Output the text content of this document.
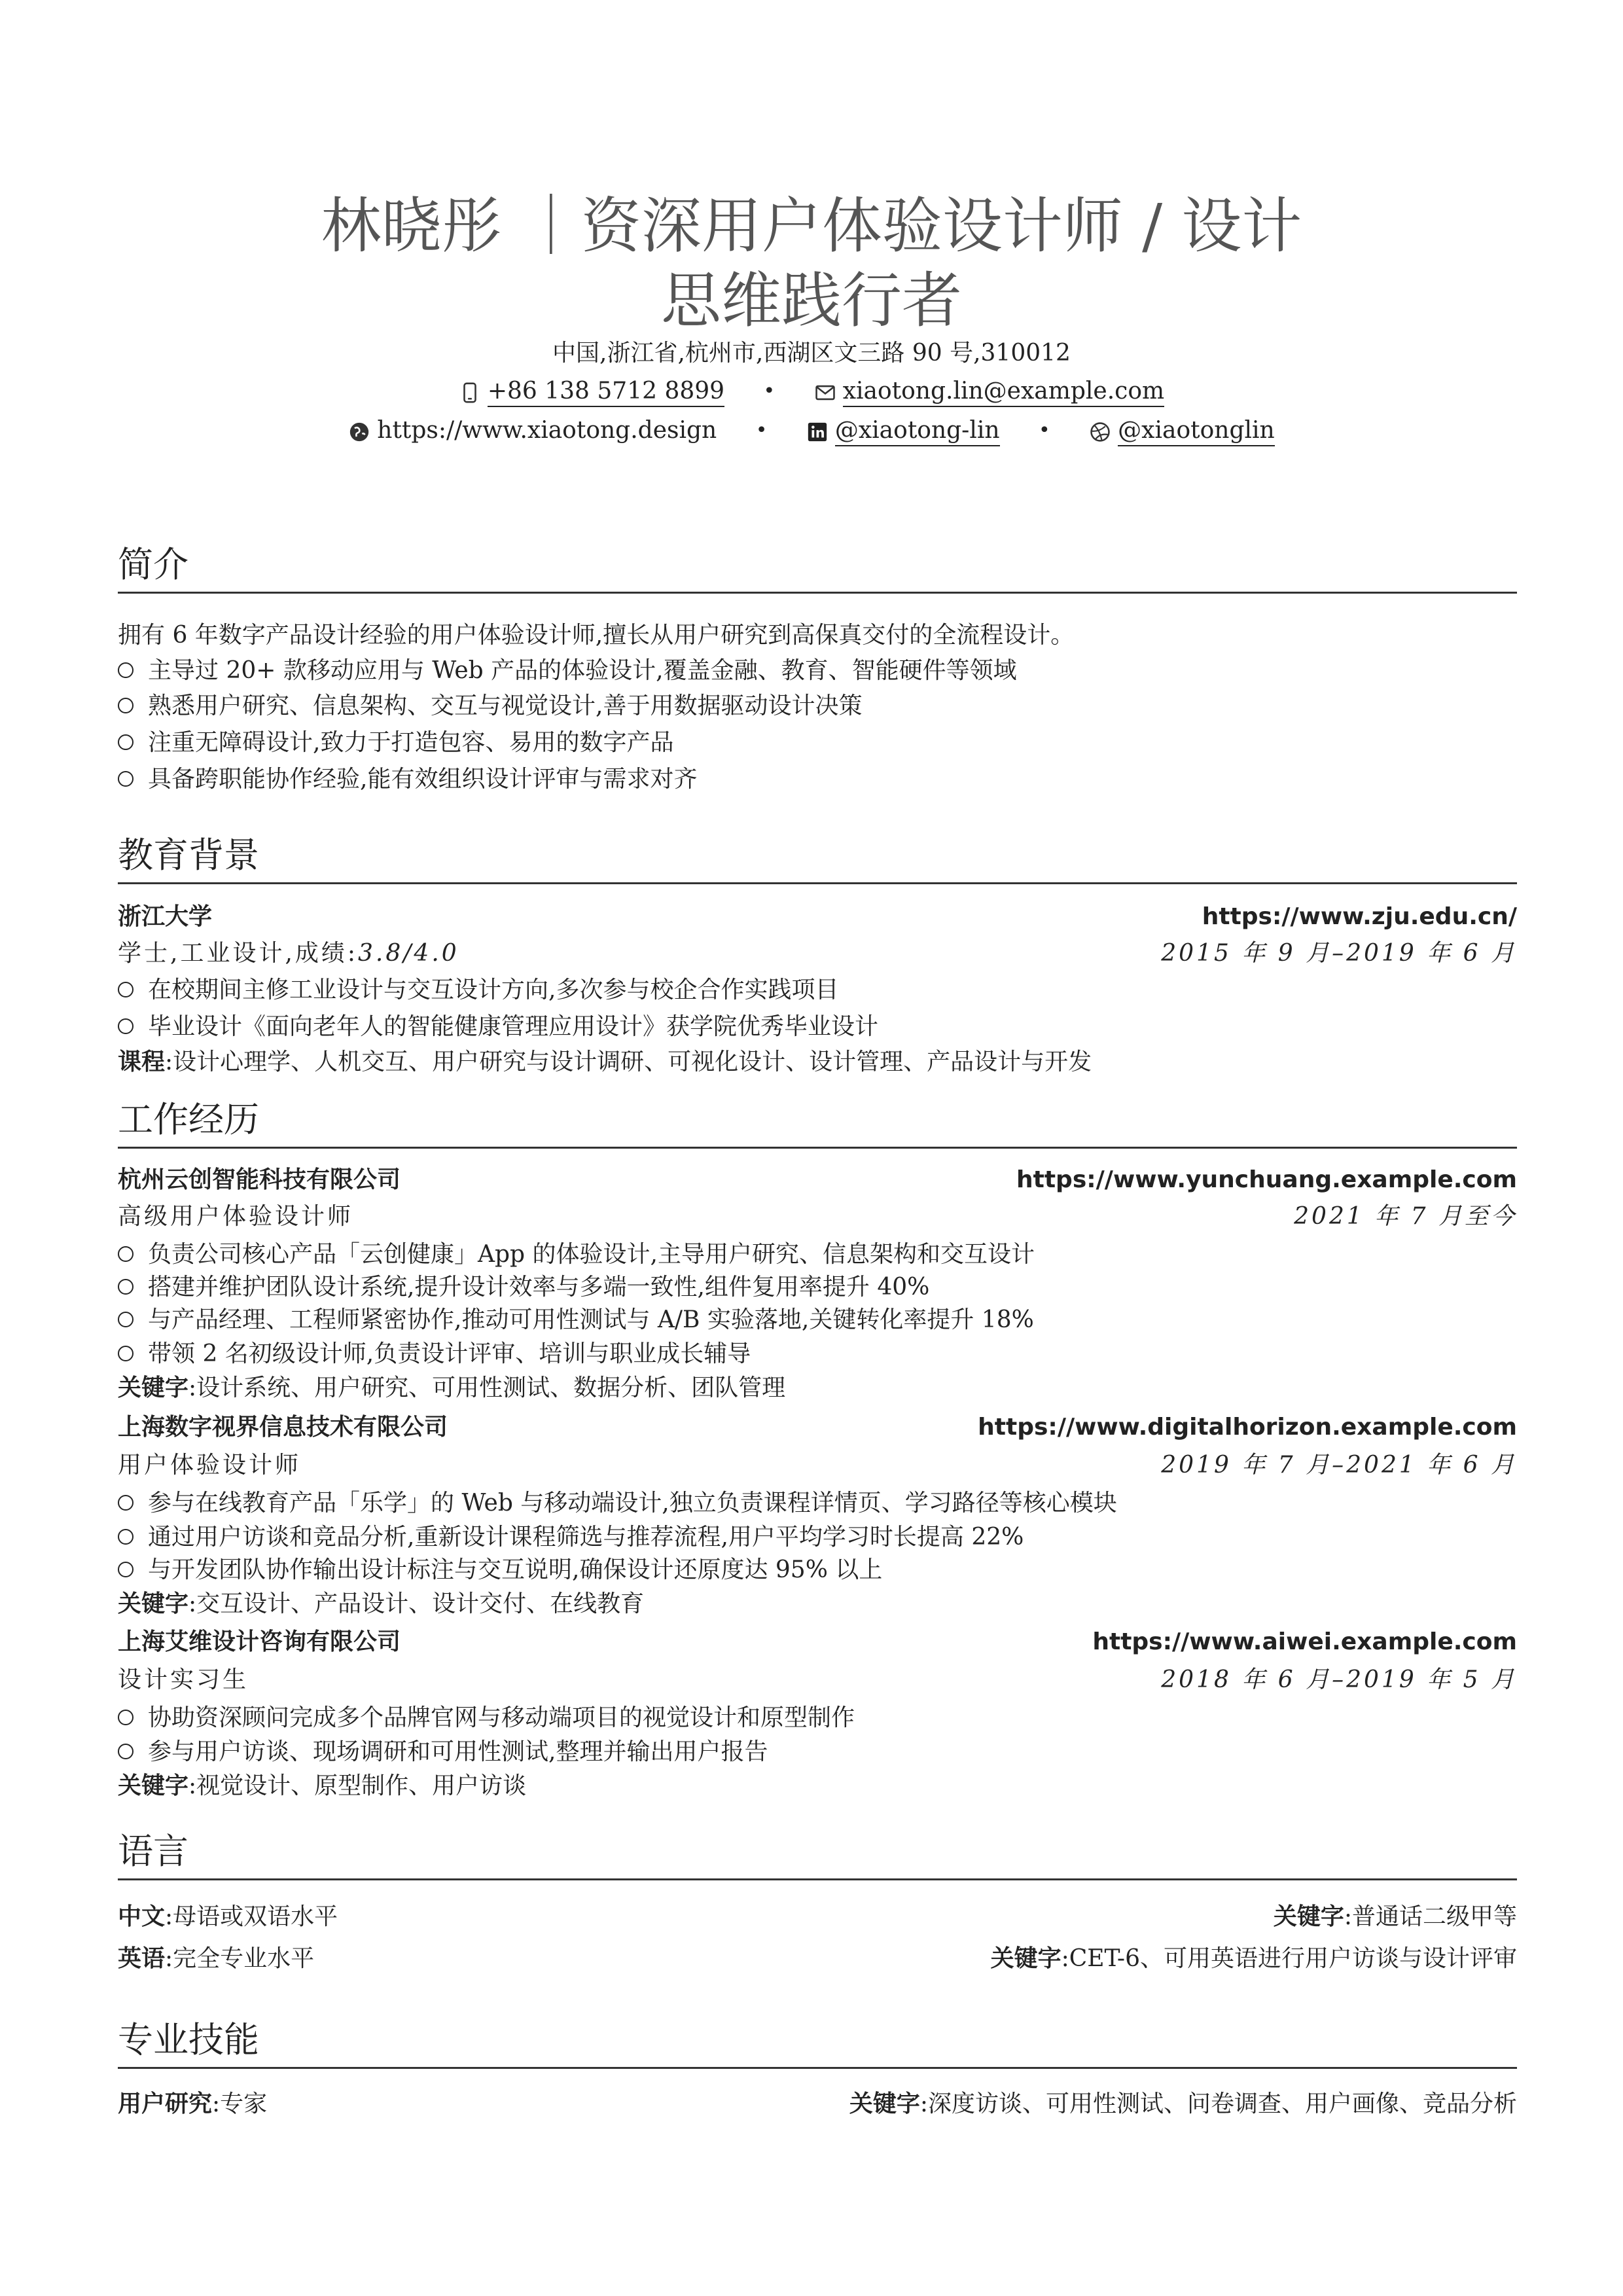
林晓彤 ｜资深用户体验设计师 / 设计
思维践行者
中国,浙江省,杭州市,西湖区文三路 90 号,310012
+86 138 5712 8899 •	xiaotong.lin@example.com
https://www.xiaotong.design •	@xiaotong-lin •	@xiaotonglin
简介
拥有 6 年数字产品设计经验的用户体验设计师,擅长从用户研究到高保真交付的全流程设计。
主导过 20+ 款移动应用与 Web 产品的体验设计,覆盖金融、教育、智能硬件等领域
熟悉用户研究、信息架构、交互与视觉设计,善于用数据驱动设计决策
注重无障碍设计,致力于打造包容、易用的数字产品
具备跨职能协作经验,能有效组织设计评审与需求对齐
教育背景
浙江大学	https://www.zju.edu.cn/
学士,工业设计,成绩:3.8/4.0	2015 年 9 月–2019 年 6 月
在校期间主修工业设计与交互设计方向,多次参与校企合作实践项目
毕业设计《面向老年人的智能健康管理应用设计》获学院优秀毕业设计
课程:设计心理学、人机交互、用户研究与设计调研、可视化设计、设计管理、产品设计与开发
工作经历
杭州云创智能科技有限公司	https://www.yunchuang.example.com
高级用户体验设计师	2021 年 7 月至今
负责公司核心产品「云创健康」App 的体验设计,主导用户研究、信息架构和交互设计
搭建并维护团队设计系统,提升设计效率与多端一致性,组件复用率提升 40%
与产品经理、工程师紧密协作,推动可用性测试与 A/B 实验落地,关键转化率提升 18%
带领 2 名初级设计师,负责设计评审、培训与职业成长辅导
关键字:设计系统、用户研究、可用性测试、数据分析、团队管理
上海数字视界信息技术有限公司	https://www.digitalhorizon.example.com
用户体验设计师	2019 年 7 月–2021 年 6 月
参与在线教育产品「乐学」的 Web 与移动端设计,独立负责课程详情页、学习路径等核心模块
通过用户访谈和竞品分析,重新设计课程筛选与推荐流程,用户平均学习时长提高 22%
与开发团队协作输出设计标注与交互说明,确保设计还原度达 95% 以上
关键字:交互设计、产品设计、设计交付、在线教育
上海艾维设计咨询有限公司	https://www.aiwei.example.com
设计实习生	2018 年 6 月–2019 年 5 月
协助资深顾问完成多个品牌官网与移动端项目的视觉设计和原型制作
参与用户访谈、现场调研和可用性测试,整理并输出用户报告
关键字:视觉设计、原型制作、用户访谈
语言
中文:母语或双语水平	关键字:普通话二级甲等
英语:完全专业水平	关键字:CET-6、可用英语进行用户访谈与设计评审
专业技能
用户研究:专家	关键字:深度访谈、可用性测试、问卷调查、用户画像、竞品分析
